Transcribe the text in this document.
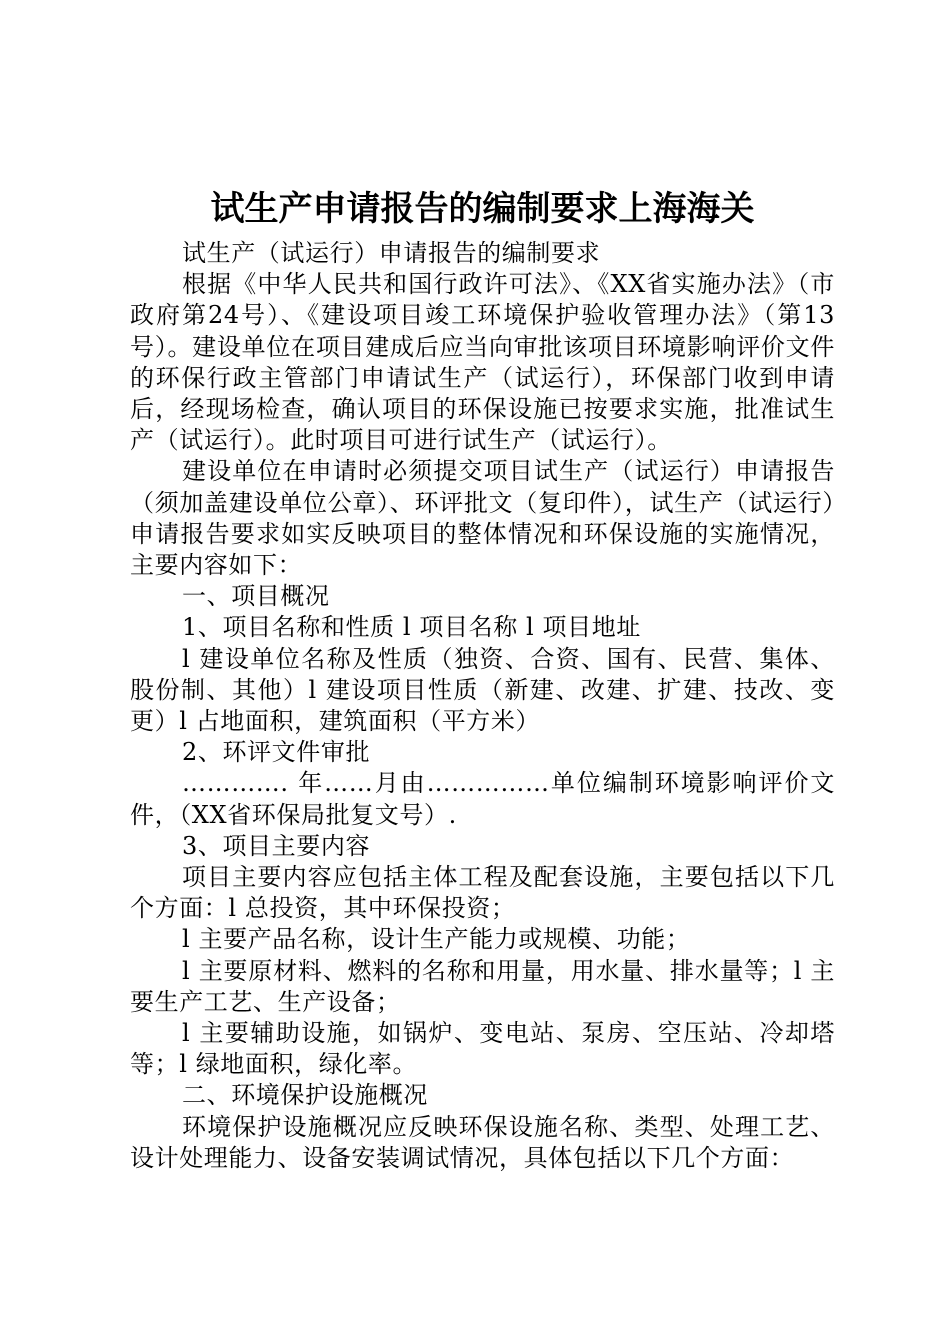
试生产申请报告的编制要求上海海关

试生产（试运行）申请报告的编制要求

根据《中华人民共和国行政许可法》、《XX省实施办法》（市政府第24号）、《建设项目竣工环境保护验收管理办法》（第13号）。建设单位在项目建成后应当向审批该项目环境影响评价文件的环保行政主管部门申请试生产（试运行），环保部门收到申请后，经现场检查，确认项目的环保设施已按要求实施，批准试生产（试运行）。此时项目可进行试生产（试运行）。

建设单位在申请时必须提交项目试生产（试运行）申请报告（须加盖建设单位公章）、环评批文（复印件），试生产（试运行）申请报告要求如实反映项目的整体情况和环保设施的实施情况，主要内容如下：

一、项目概况

1、项目名称和性质 l 项目名称 l 项目地址

l 建设单位名称及性质（独资、合资、国有、民营、集体、股份制、其他）l 建设项目性质（新建、改建、扩建、技改、变更）l 占地面积，建筑面积（平方米）

2、环评文件审批

…………. 年……月由……………单位编制环境影响评价文件，（XX省环保局批复文号）.

3、项目主要内容

项目主要内容应包括主体工程及配套设施，主要包括以下几个方面：l 总投资，其中环保投资；

l 主要产品名称，设计生产能力或规模、功能；

l 主要原材料、燃料的名称和用量，用水量、排水量等；l 主要生产工艺、生产设备；

l 主要辅助设施，如锅炉、变电站、泵房、空压站、冷却塔等；l 绿地面积，绿化率。

二、环境保护设施概况

环境保护设施概况应反映环保设施名称、类型、处理工艺、设计处理能力、设备安装调试情况，具体包括以下几个方面：
